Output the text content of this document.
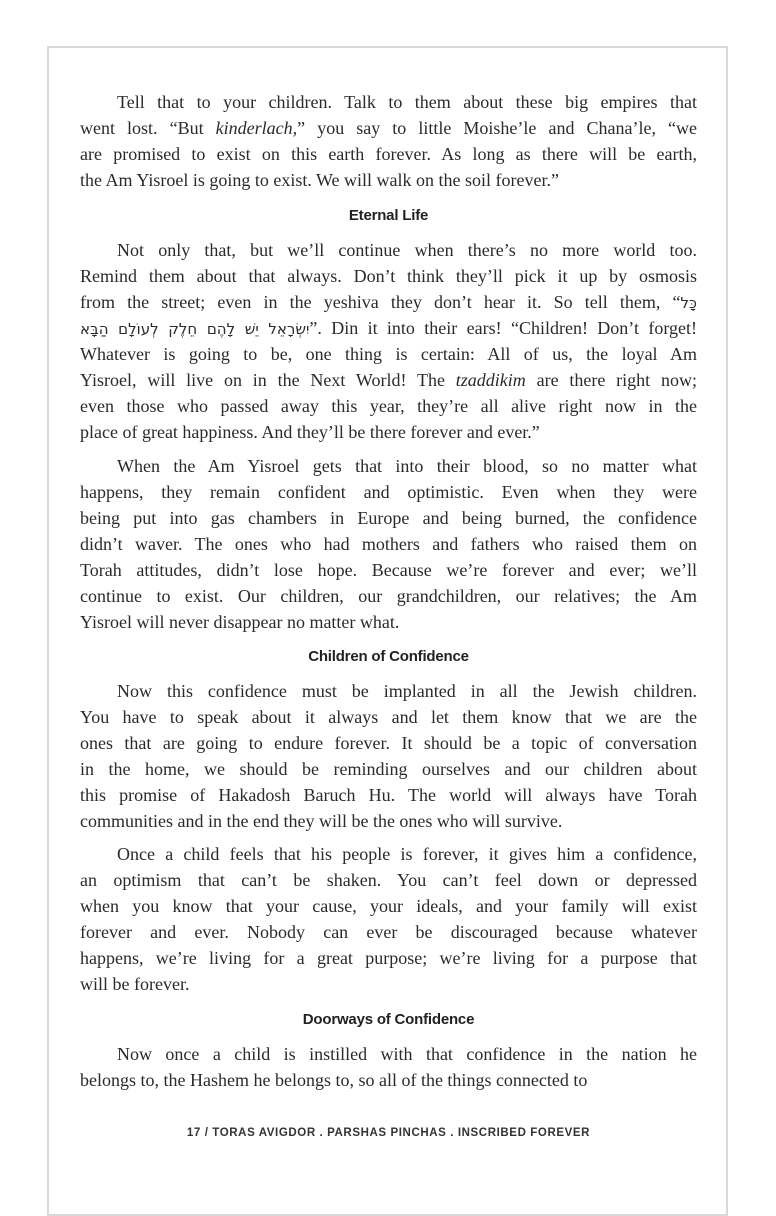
Tell that to your children. Talk to them about these big empires that
went lost. “But kinderlach,” you say to little Moishe’le and Chana’le, “we
are promised to exist on this earth forever. As long as there will be earth,
the Am Yisroel is going to exist. We will walk on the soil forever.”
Eternal Life
Not only that, but we’ll continue when there’s no more world too.
Remind them about that always. Don’t think they’ll pick it up by osmosis
from the street; even in the yeshiva they don’t hear it. So tell them, “כָּל
יִשְׂרָאֵל יֵשׁ לָהֶם חֵלֶק לְעוֹלָם הַבָּא”. Din it into their ears! “Children! Don’t forget!
Whatever is going to be, one thing is certain: All of us, the loyal Am
Yisroel, will live on in the Next World! The tzaddikim are there right now;
even those who passed away this year, they’re all alive right now in the
place of great happiness. And they’ll be there forever and ever.”
When the Am Yisroel gets that into their blood, so no matter what
happens, they remain confident and optimistic. Even when they were
being put into gas chambers in Europe and being burned, the confidence
didn’t waver. The ones who had mothers and fathers who raised them on
Torah attitudes, didn’t lose hope. Because we’re forever and ever; we’ll
continue to exist. Our children, our grandchildren, our relatives; the Am
Yisroel will never disappear no matter what.
Children of Confidence
Now this confidence must be implanted in all the Jewish children.
You have to speak about it always and let them know that we are the
ones that are going to endure forever. It should be a topic of conversation
in the home, we should be reminding ourselves and our children about
this promise of Hakadosh Baruch Hu. The world will always have Torah
communities and in the end they will be the ones who will survive.
Once a child feels that his people is forever, it gives him a confidence,
an optimism that can’t be shaken. You can’t feel down or depressed
when you know that your cause, your ideals, and your family will exist
forever and ever. Nobody can ever be discouraged because whatever
happens, we’re living for a great purpose; we’re living for a purpose that
will be forever.
Doorways of Confidence
Now once a child is instilled with that confidence in the nation he
belongs to, the Hashem he belongs to, so all of the things connected to
17 / TORAS AVIGDOR . PARSHAS PINCHAS . INSCRIBED FOREVER
